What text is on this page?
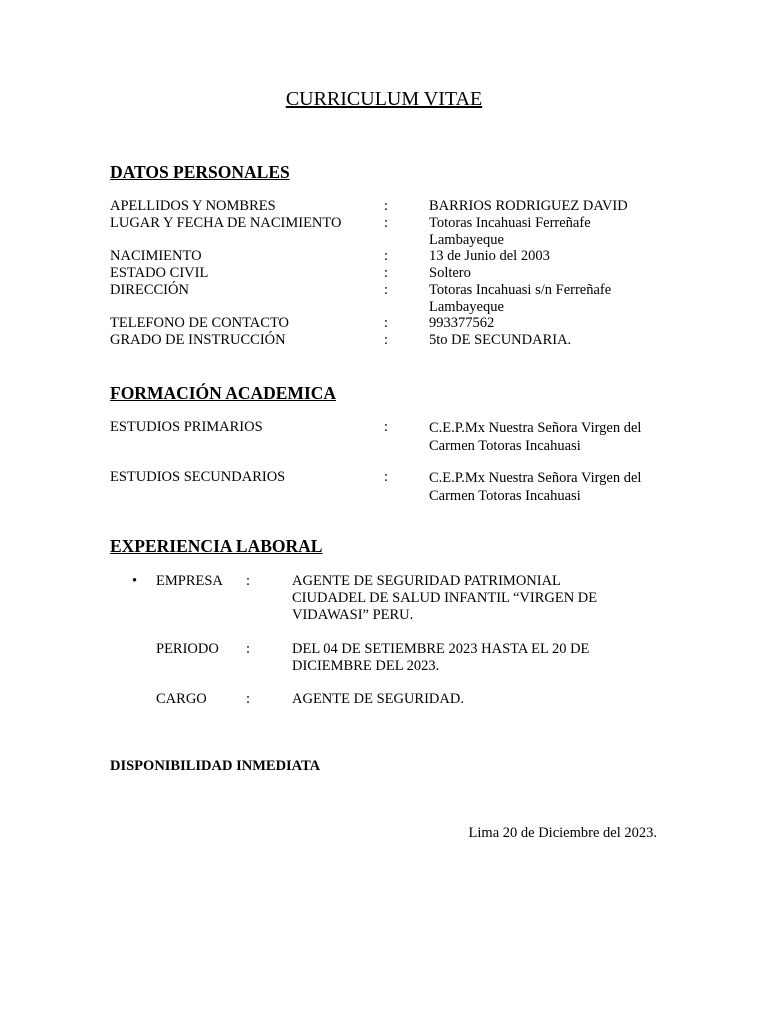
CURRICULUM VITAE
DATOS PERSONALES
APELLIDOS Y NOMBRES	:	BARRIOS RODRIGUEZ DAVID
LUGAR Y FECHA DE NACIMIENTO	:	Totoras Incahuasi Ferreñafe Lambayeque
NACIMIENTO	:	13 de Junio del 2003
ESTADO CIVIL	:	Soltero
DIRECCIÓN	:	Totoras Incahuasi s/n Ferreñafe Lambayeque
TELEFONO DE CONTACTO	:	993377562
GRADO DE INSTRUCCIÓN	:	5to DE SECUNDARIA.
FORMACIÓN ACADEMICA
ESTUDIOS PRIMARIOS	:	C.E.P.Mx Nuestra Señora Virgen del Carmen Totoras Incahuasi
ESTUDIOS SECUNDARIOS	:	C.E.P.Mx Nuestra Señora Virgen del Carmen Totoras Incahuasi
EXPERIENCIA LABORAL
•	EMPRESA	:	AGENTE DE SEGURIDAD PATRIMONIAL CIUDADEL DE SALUD INFANTIL “VIRGEN DE VIDAWASI” PERU.
PERIODO	:	DEL 04 DE SETIEMBRE 2023 HASTA EL 20 DE DICIEMBRE DEL 2023.
CARGO	:	AGENTE DE SEGURIDAD.
DISPONIBILIDAD INMEDIATA
Lima 20 de Diciembre del 2023.
